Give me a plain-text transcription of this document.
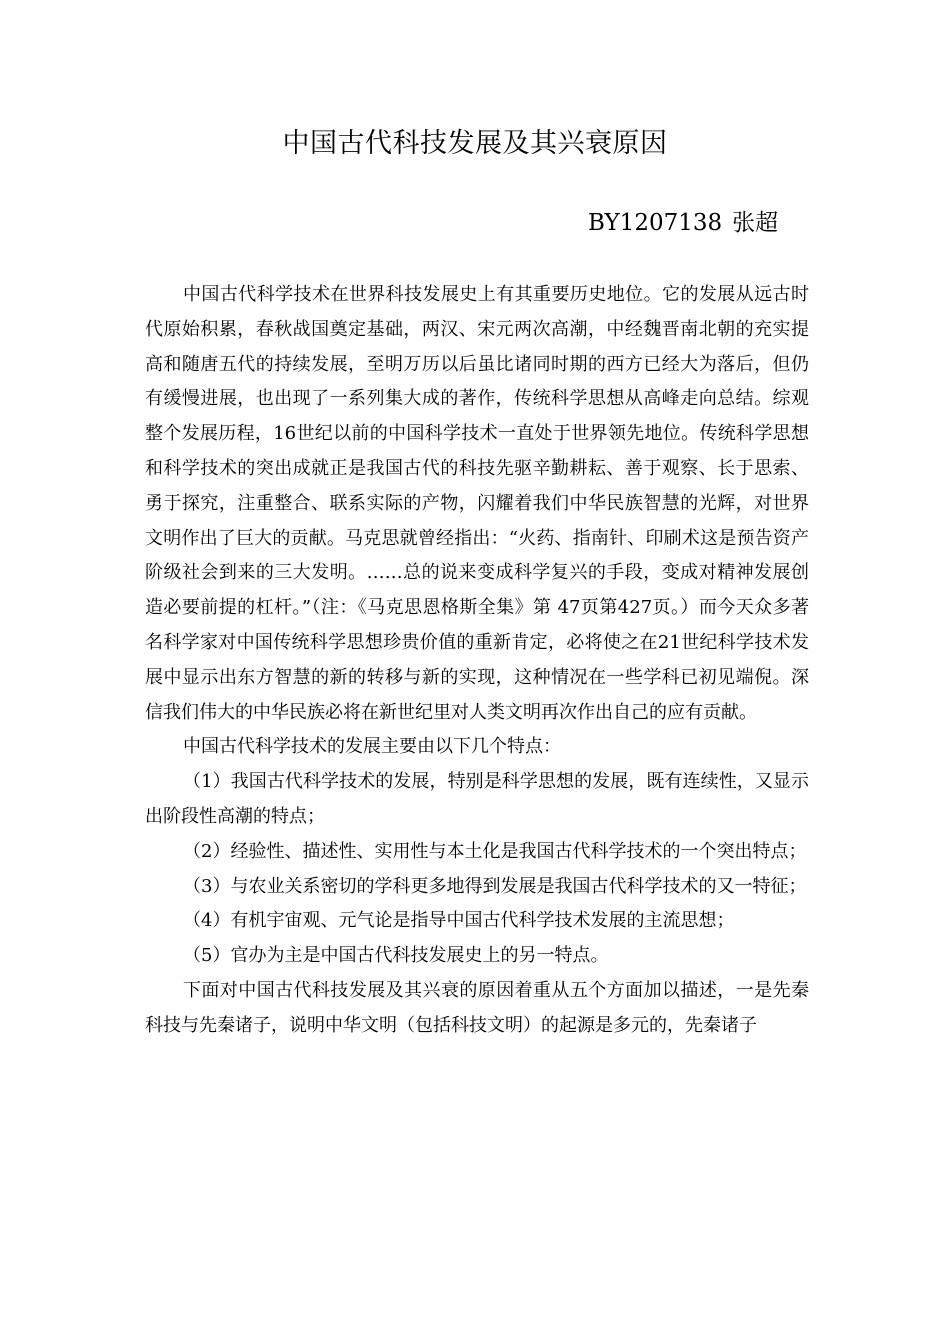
中国古代科技发展及其兴衰原因
BY1207138 张超

中国古代科学技术在世界科技发展史上有其重要历史地位。它的发展从远古时代原始积累，春秋战国奠定基础，两汉、宋元两次高潮，中经魏晋南北朝的充实提高和随唐五代的持续发展，至明万历以后虽比诸同时期的西方已经大为落后，但仍有缓慢进展，也出现了一系列集大成的著作，传统科学思想从高峰走向总结。综观整个发展历程，16世纪以前的中国科学技术一直处于世界领先地位。传统科学思想和科学技术的突出成就正是我国古代的科技先驱辛勤耕耘、善于观察、长于思索、勇于探究，注重整合、联系实际的产物，闪耀着我们中华民族智慧的光辉，对世界文明作出了巨大的贡献。马克思就曾经指出：“火药、指南针、印刷术这是预告资产阶级社会到来的三大发明。……总的说来变成科学复兴的手段，变成对精神发展创造必要前提的杠杆。”（注：《马克思恩格斯全集》第 47页第427页。）而今天众多著名科学家对中国传统科学思想珍贵价值的重新肯定，必将使之在21世纪科学技术发展中显示出东方智慧的新的转移与新的实现，这种情况在一些学科已初见端倪。深信我们伟大的中华民族必将在新世纪里对人类文明再次作出自己的应有贡献。

中国古代科学技术的发展主要由以下几个特点：

（1）我国古代科学技术的发展，特别是科学思想的发展，既有连续性，又显示出阶段性高潮的特点；

（2）经验性、描述性、实用性与本土化是我国古代科学技术的一个突出特点；

（3）与农业关系密切的学科更多地得到发展是我国古代科学技术的又一特征；

（4）有机宇宙观、元气论是指导中国古代科学技术发展的主流思想；

（5）官办为主是中国古代科技发展史上的另一特点。

下面对中国古代科技发展及其兴衰的原因着重从五个方面加以描述，一是先秦科技与先秦诸子，说明中华文明（包括科技文明）的起源是多元的，先秦诸子
